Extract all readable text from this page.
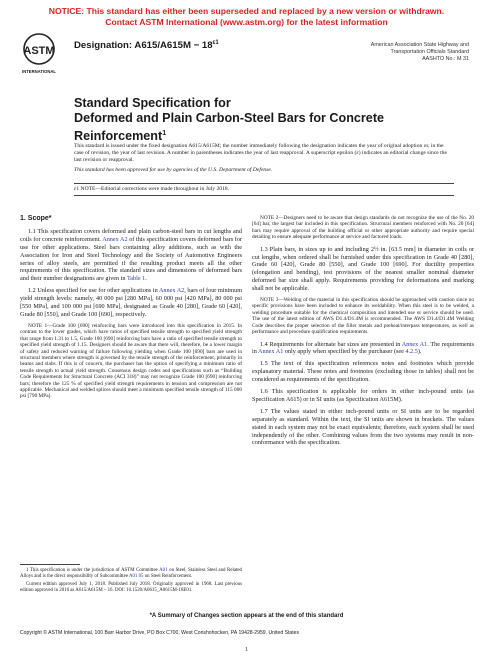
NOTICE: This standard has either been superseded and replaced by a new version or withdrawn.
Contact ASTM International (www.astm.org) for the latest information
ASTM
INTERNATIONAL
Designation: $A615/A615M - 18^{\varepsilon 1}$	American Association State Highway and
Transportation Officials Standard
AASHTO No.: M 31
Standard Specification for
Deformed and Plain Carbon-Steel Bars for Concrete
Reinforcement$^1$

This standard is issued under the fixed designation A615/A615M; the number immediately following the designation indicates the year of original adoption or, in the case of revision, the year of last revision. A number in parentheses indicates the year of last reapproval. A superscript epsilon (ε) indicates an editorial change since the last revision or reapproval.

This standard has been approved for use by agencies of the U.S. Department of Defense.

ε1 NOTE—Editorial corrections were made throughout in July 2018.

1. Scope*

1.1 This specification covers deformed and plain carbon-steel bars in cut lengths and coils for concrete reinforcement. Annex A2 of this specification covers deformed bars for use for other applications. Steel bars containing alloy additions, such as with the Association for Iron and Steel Technology and the Society of Automotive Engineers series of alloy steels, are permitted if the resulting product meets all the other requirements of this specification. The standard sizes and dimensions of deformed bars and their number designations are given in Table 1.

1.2 Unless specified for use for other applications in Annex A2, bars of four minimum yield strength levels: namely, 40 000 psi [280 MPa], 60 000 psi [420 MPa], 80 000 psi [550 MPa], and 100 000 psi [690 MPa], designated as Grade 40 [280], Grade 60 [420], Grade 80 [550], and Grade 100 [690], respectively.

NOTE 1—Grade 100 [690] reinforcing bars were introduced into this specification in 2015. In contrast to the lower grades, which have ratios of specified tensile strength to specified yield strength that range from 1.31 to 1.5, Grade 100 [690] reinforcing bars have a ratio of specified tensile strength to specified yield strength of 1.15. Designers should be aware that there will, therefore, be a lower margin of safety and reduced warning of failure following yielding when Grade 100 [690] bars are used in structural members where strength is governed by the tensile strength of the reinforcement, primarily in beams and slabs. If this is of concern, the purchaser has the option of specifying a minimum ratio of tensile strength to actual yield strength. Consensus design codes and specifications such as “Building Code Requirements for Structural Concrete (ACI 318)” may not recognize Grade 100 [690] reinforcing bars; therefore the 125 % of specified yield strength requirements in tension and compression are not applicable. Mechanical and welded splices should meet a minimum specified tensile strength of 115 000 psi [790 MPa].

1 This specification is under the jurisdiction of ASTM Committee A01 on Steel, Stainless Steel and Related Alloys and is the direct responsibility of Subcommittee A01.05 on Steel Reinforcement.

Current edition approved July 1, 2018. Published July 2018. Originally approved in 1968. Last previous edition approved in 2016 as A615/A615M – 16. DOI: 10.1520/A0615_A0615M-18E01.

NOTE 2—Designers need to be aware that design standards do not recognize the use of the No. 20 [64] bar, the largest bar included in this specification. Structural members reinforced with No. 20 [64] bars may require approval of the building official or other appropriate authority and require special detailing to ensure adequate performance at service and factored loads.

1.3 Plain bars, in sizes up to and including 2½ in. [63.5 mm] in diameter in coils or cut lengths, when ordered shall be furnished under this specification in Grade 40 [280], Grade 60 [420], Grade 80 [550], and Grade 100 [690]. For ductility properties (elongation and bending), test provisions of the nearest smaller nominal diameter deformed bar size shall apply. Requirements providing for deformations and marking shall not be applicable.

NOTE 3—Welding of the material in this specification should be approached with caution since no specific provisions have been included to enhance its weldability. When this steel is to be welded, a welding procedure suitable for the chemical composition and intended use or service should be used. The use of the latest edition of AWS D1.4/D1.4M is recommended. The AWS D1.4/D1.4M Welding Code describes the proper selection of the filler metals and preheat/interpass temperatures, as well as performance and procedure qualification requirements.

1.4 Requirements for alternate bar sizes are presented in Annex A1. The requirements in Annex A1 only apply when specified by the purchaser (see 4.2.5).

1.5 The text of this specification references notes and footnotes which provide explanatory material. These notes and footnotes (excluding those in tables) shall not be considered as requirements of the specification.

1.6 This specification is applicable for orders in either inch-pound units (as Specification A615) or in SI units (as Specification A615M).

1.7 The values stated in either inch-pound units or SI units are to be regarded separately as standard. Within the text, the SI units are shown in brackets. The values stated in each system may not be exact equivalents; therefore, each system shall be used independently of the other. Combining values from the two systems may result in non-conformance with the specification.

*A Summary of Changes section appears at the end of this standard
Copyright © ASTM International, 100 Barr Harbor Drive, PO Box C700, West Conshohocken, PA 19428-2959. United States
1
